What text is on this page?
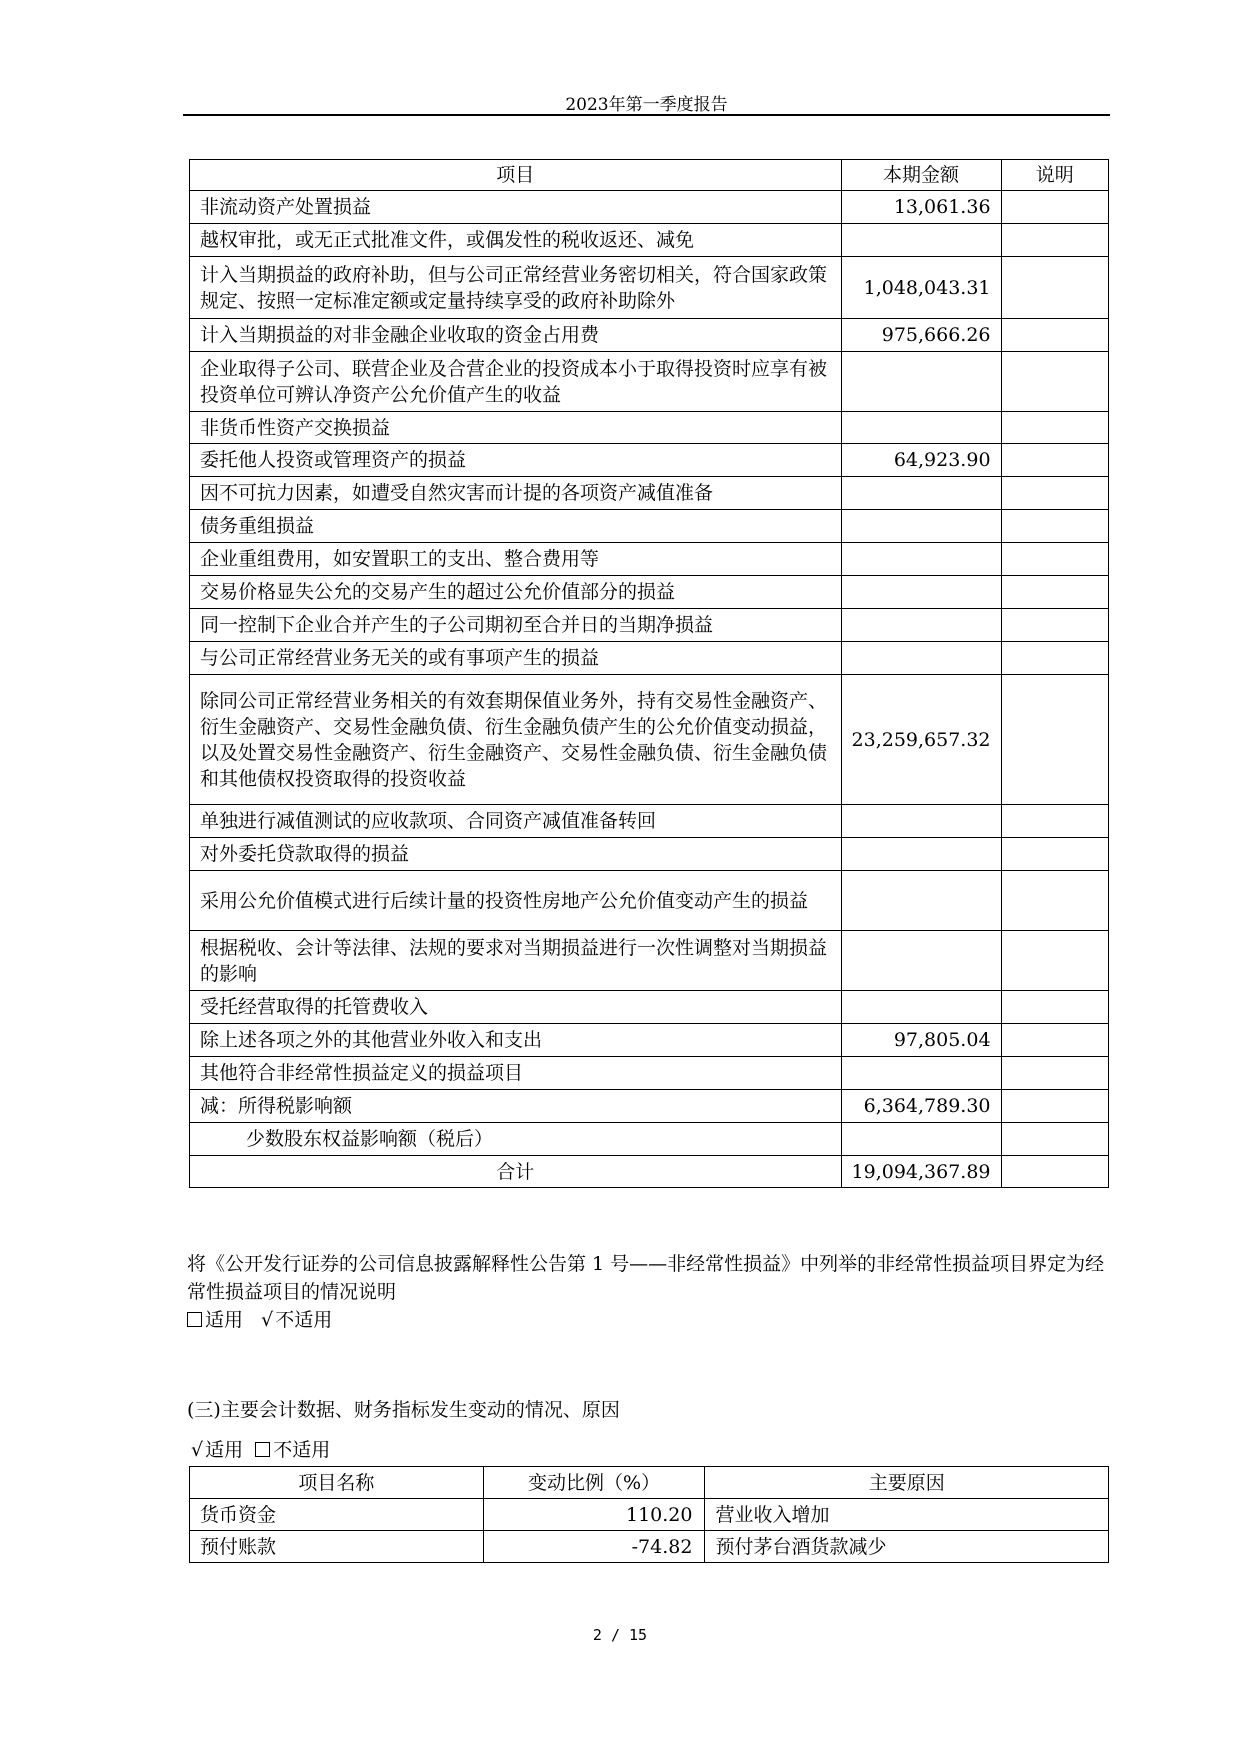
2023年第一季度报告
项目	本期金额	说明
非流动资产处置损益	13,061.36	
越权审批，或无正式批准文件，或偶发性的税收返还、减免		
计入当期损益的政府补助，但与公司正常经营业务密切相关，符合国家政策规定、按照一定标准定额或定量持续享受的政府补助除外	1,048,043.31	
计入当期损益的对非金融企业收取的资金占用费	975,666.26	
企业取得子公司、联营企业及合营企业的投资成本小于取得投资时应享有被投资单位可辨认净资产公允价值产生的收益		
非货币性资产交换损益		
委托他人投资或管理资产的损益	64,923.90	
因不可抗力因素，如遭受自然灾害而计提的各项资产减值准备		
债务重组损益		
企业重组费用，如安置职工的支出、整合费用等		
交易价格显失公允的交易产生的超过公允价值部分的损益		
同一控制下企业合并产生的子公司期初至合并日的当期净损益		
与公司正常经营业务无关的或有事项产生的损益		
除同公司正常经营业务相关的有效套期保值业务外，持有交易性金融资产、衍生金融资产、交易性金融负债、衍生金融负债产生的公允价值变动损益，以及处置交易性金融资产、衍生金融资产、交易性金融负债、衍生金融负债和其他债权投资取得的投资收益	23,259,657.32	
单独进行减值测试的应收款项、合同资产减值准备转回		
对外委托贷款取得的损益		
采用公允价值模式进行后续计量的投资性房地产公允价值变动产生的损益		
根据税收、会计等法律、法规的要求对当期损益进行一次性调整对当期损益的影响		
受托经营取得的托管费收入		
除上述各项之外的其他营业外收入和支出	97,805.04	
其他符合非经常性损益定义的损益项目		
减：所得税影响额	6,364,789.30	
少数股东权益影响额（税后）		
合计	19,094,367.89	
将《公开发行证券的公司信息披露解释性公告第 1 号——非经常性损益》中列举的非经常性损益项目界定为经常性损益项目的情况说明
适用 √ 不适用
(三)主要会计数据、财务指标发生变动的情况、原因
√ 适用 不适用
项目名称	变动比例（%）	主要原因
货币资金	110.20	营业收入增加
预付账款	-74.82	预付茅台酒货款减少
2 / 15
